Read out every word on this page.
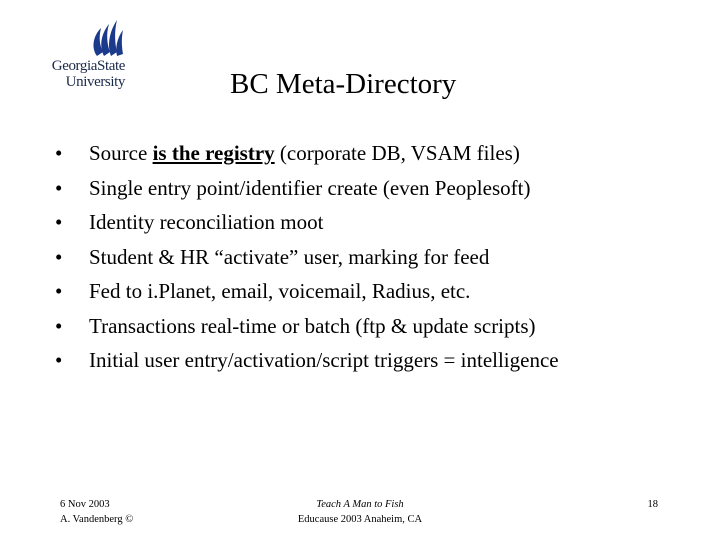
GeorgiaState
University	BC Meta-Directory
• Source is the registry (corporate DB, VSAM files)
• Single entry point/identifier create (even Peoplesoft)
• Identity reconciliation moot
• Student & HR “activate” user, marking for feed
• Fed to i.Planet, email, voicemail, Radius, etc.
• Transactions real-time or batch (ftp & update scripts)
• Initial user entry/activation/script triggers = intelligence
6 Nov 2003
A. Vandenberg ©
Teach A Man to Fish
Educause 2003 Anaheim, CA
18
